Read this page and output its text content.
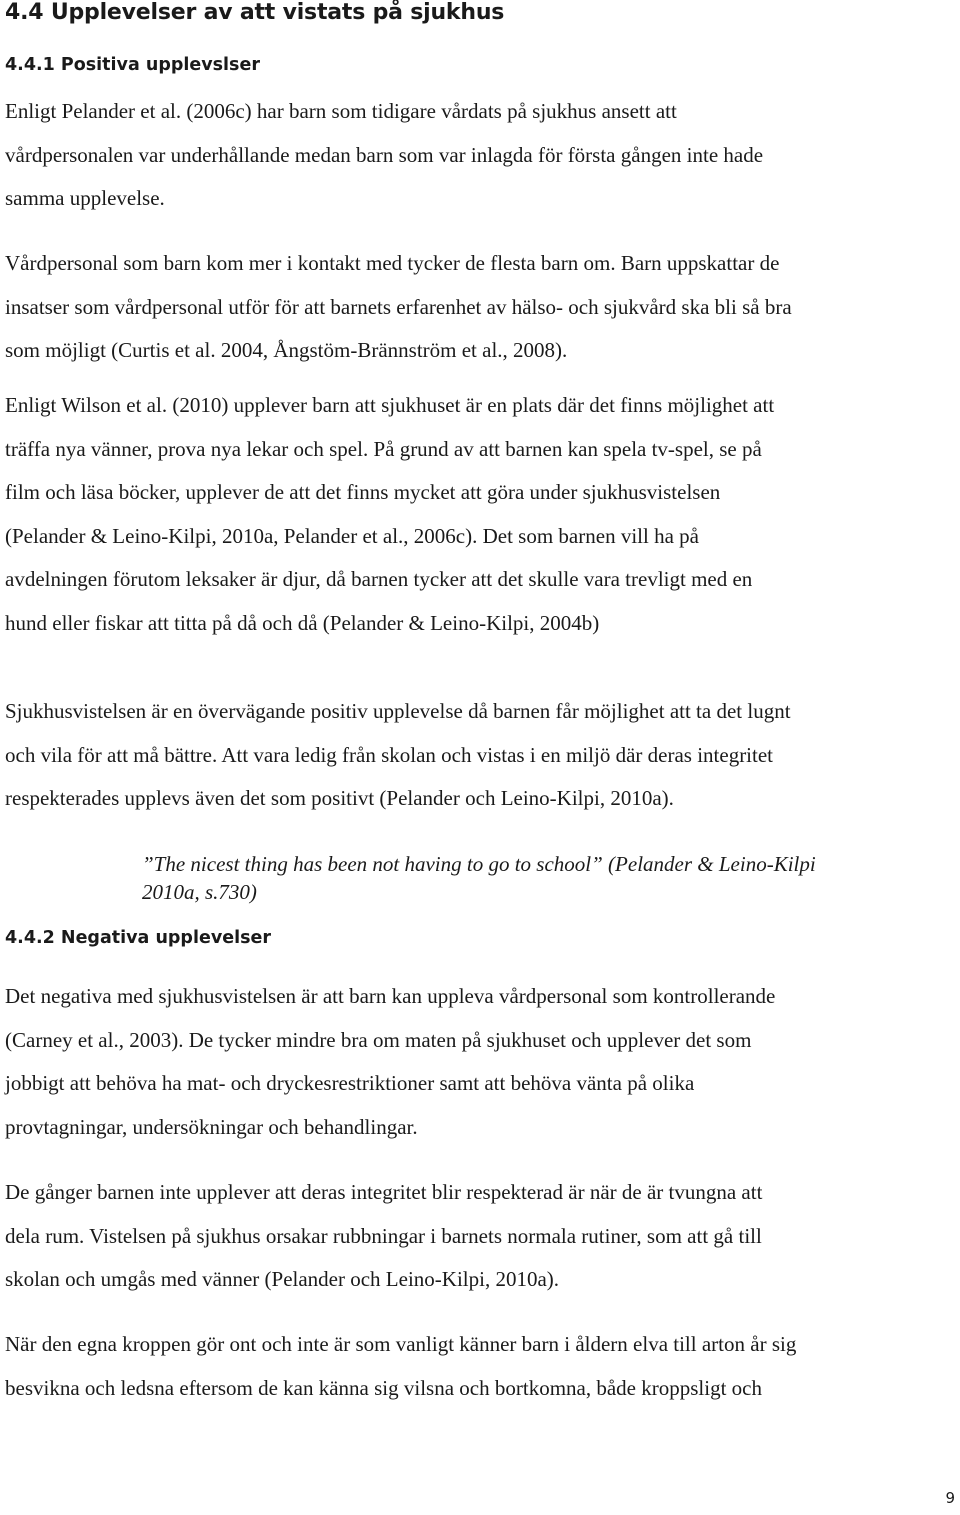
4.4 Upplevelser av att vistats på sjukhus
4.4.1 Positiva upplevslser
Enligt Pelander et al. (2006c) har barn som tidigare vårdats på sjukhus ansett att
vårdpersonalen var underhållande medan barn som var inlagda för första gången inte hade
samma upplevelse.
Vårdpersonal som barn kom mer i kontakt med tycker de flesta barn om. Barn uppskattar de
insatser som vårdpersonal utför för att barnets erfarenhet av hälso- och sjukvård ska bli så bra
som möjligt (Curtis et al. 2004, Ångstöm-Brännström et al., 2008).
Enligt Wilson et al. (2010) upplever barn att sjukhuset är en plats där det finns möjlighet att
träffa nya vänner, prova nya lekar och spel. På grund av att barnen kan spela tv-spel, se på
film och läsa böcker, upplever de att det finns mycket att göra under sjukhusvistelsen
(Pelander & Leino-Kilpi, 2010a, Pelander et al., 2006c). Det som barnen vill ha på
avdelningen förutom leksaker är djur, då barnen tycker att det skulle vara trevligt med en
hund eller fiskar att titta på då och då (Pelander & Leino-Kilpi, 2004b)
Sjukhusvistelsen är en övervägande positiv upplevelse då barnen får möjlighet att ta det lugnt
och vila för att må bättre. Att vara ledig från skolan och vistas i en miljö där deras integritet
respekterades upplevs även det som positivt (Pelander och Leino-Kilpi, 2010a).
”The nicest thing has been not having to go to school” (Pelander & Leino-Kilpi
2010a, s.730)
4.4.2 Negativa upplevelser
Det negativa med sjukhusvistelsen är att barn kan uppleva vårdpersonal som kontrollerande
(Carney et al., 2003). De tycker mindre bra om maten på sjukhuset och upplever det som
jobbigt att behöva ha mat- och dryckesrestriktioner samt att behöva vänta på olika
provtagningar, undersökningar och behandlingar.
De gånger barnen inte upplever att deras integritet blir respekterad är när de är tvungna att
dela rum. Vistelsen på sjukhus orsakar rubbningar i barnets normala rutiner, som att gå till
skolan och umgås med vänner (Pelander och Leino-Kilpi, 2010a).
När den egna kroppen gör ont och inte är som vanligt känner barn i åldern elva till arton år sig
besvikna och ledsna eftersom de kan känna sig vilsna och bortkomna, både kroppsligt och
9
